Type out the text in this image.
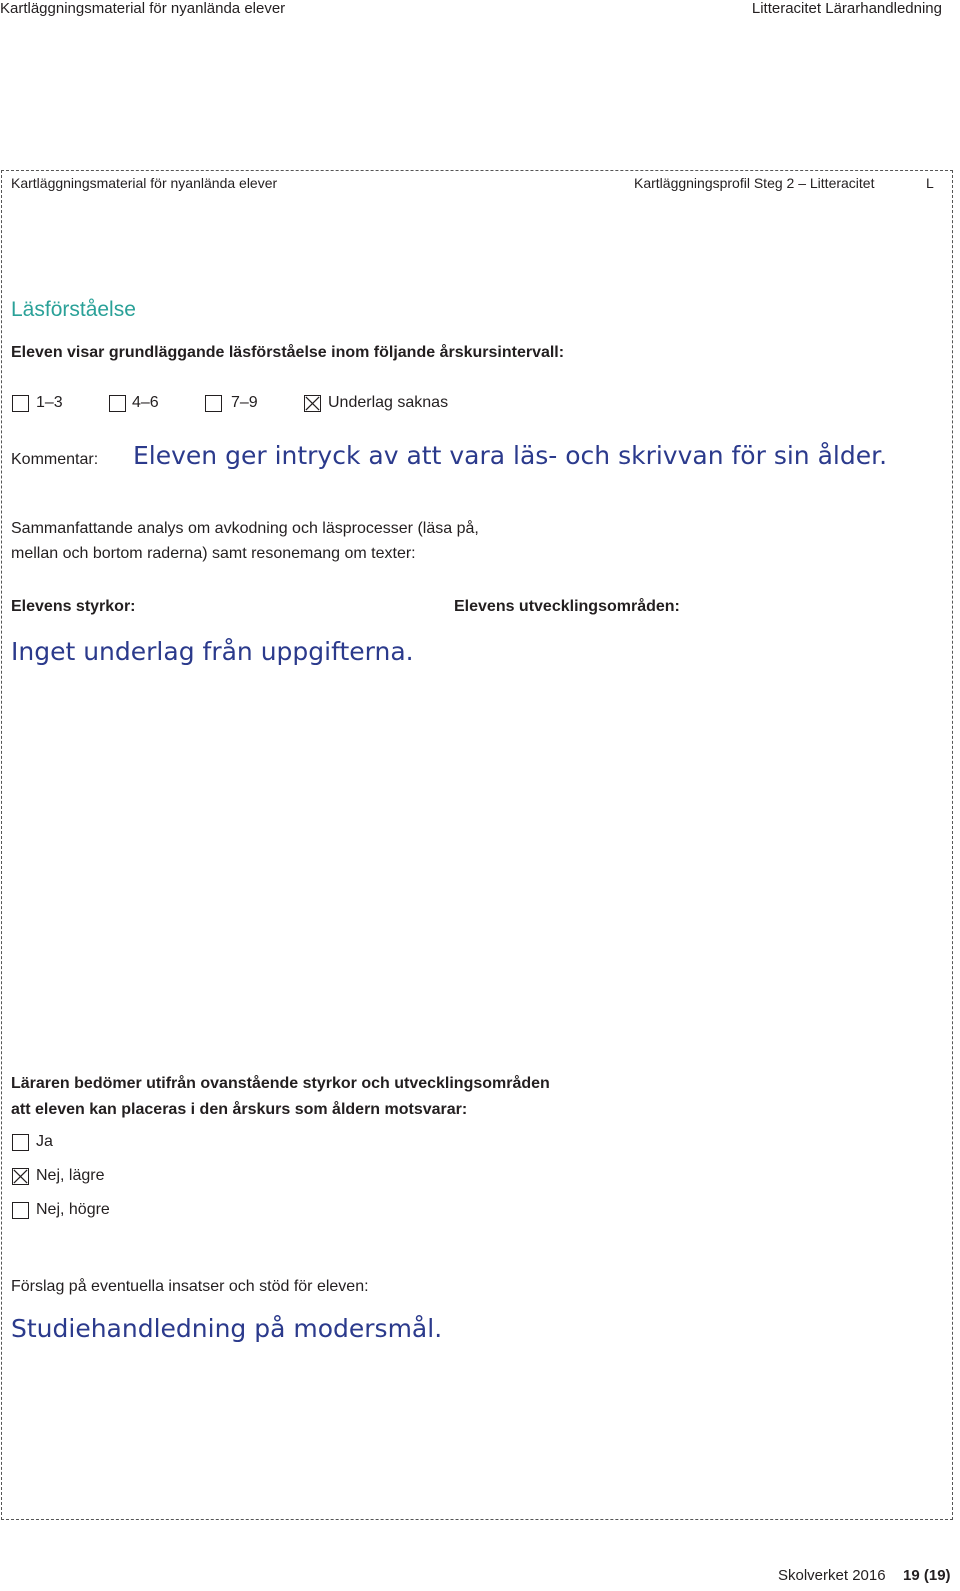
Kartläggningsmaterial för nyanlända elever	Litteracitet Lärarhandledning
Kartläggningsmaterial för nyanlända elever	Kartläggningsprofil Steg 2 – Litteracitet	L
Läsförståelse
Eleven visar grundläggande läsförståelse inom följande årskursintervall:
1–3	4–6	7–9	Underlag saknas
Kommentar: Eleven ger intryck av att vara läs- och skrivvan för sin ålder.
Sammanfattande analys om avkodning och läsprocesser (läsa på,
mellan och bortom raderna) samt resonemang om texter:
Elevens styrkor:	Elevens utvecklingsområden:
Inget underlag från uppgifterna.
Läraren bedömer utifrån ovanstående styrkor och utvecklingsområden
att eleven kan placeras i den årskurs som åldern motsvarar:
Ja
Nej, lägre
Nej, högre
Förslag på eventuella insatser och stöd för eleven:
Studiehandledning på modersmål.
Skolverket 2016 19 (19)
